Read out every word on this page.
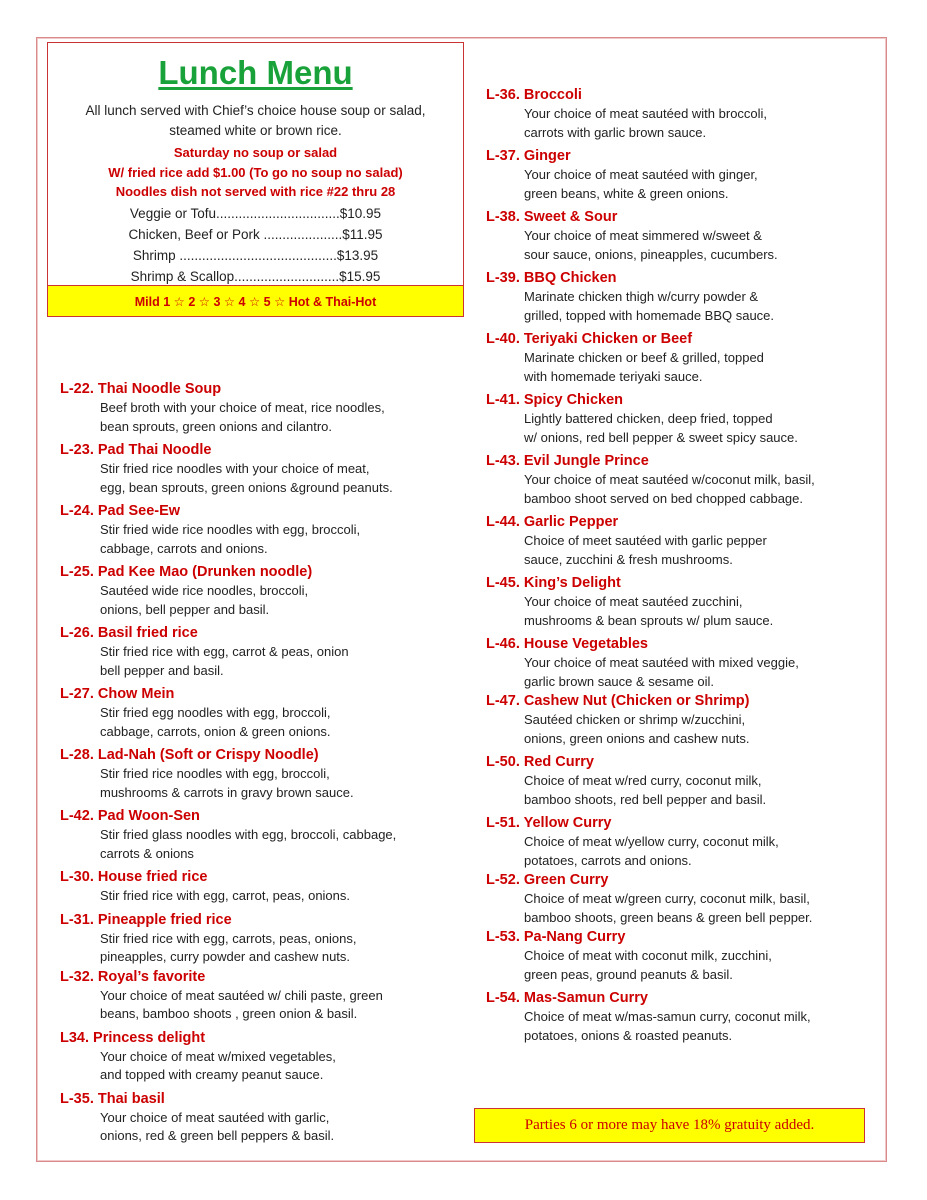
Lunch Menu
All lunch served with Chief’s choice house soup or salad,
steamed white or brown rice.
Saturday no soup or salad
W/ fried rice add $1.00 (To go no soup no salad)
Noodles dish not served with rice #22 thru 28
Veggie or Tofu.................................$10.95
Chicken, Beef or Pork .....................$11.95
Shrimp ..........................................$13.95
Shrimp & Scallop............................$15.95
Mild 1 ☆ 2 ☆ 3 ☆ 4 ☆ 5 ☆ Hot & Thai-Hot
L-22. Thai Noodle Soup
Beef broth with your choice of meat, rice noodles,
bean sprouts, green onions and cilantro.
L-23. Pad Thai Noodle
Stir fried rice noodles with your choice of meat,
egg, bean sprouts, green onions &ground peanuts.
L-24. Pad See-Ew
Stir fried wide rice noodles with egg, broccoli,
cabbage, carrots and onions.
L-25. Pad Kee Mao (Drunken noodle)
Sautéed wide rice noodles, broccoli,
onions, bell pepper and basil.
L-26. Basil fried rice
Stir fried rice with egg, carrot & peas, onion
bell pepper and basil.
L-27. Chow Mein
Stir fried egg noodles with egg, broccoli,
cabbage, carrots, onion & green onions.
L-28. Lad-Nah (Soft or Crispy Noodle)
Stir fried rice noodles with egg, broccoli,
mushrooms & carrots in gravy brown sauce.
L-42. Pad Woon-Sen
Stir fried glass noodles with egg, broccoli, cabbage,
carrots & onions
L-30. House fried rice
Stir fried rice with egg, carrot, peas, onions.
L-31. Pineapple fried rice
Stir fried rice with egg, carrots, peas, onions,
pineapples, curry powder and cashew nuts.
L-32. Royal’s favorite
Your choice of meat sautéed w/ chili paste, green
beans, bamboo shoots , green onion & basil.
L34. Princess delight
Your choice of meat w/mixed vegetables,
and topped with creamy peanut sauce.
L-35. Thai basil
Your choice of meat sautéed with garlic,
onions, red & green bell peppers & basil.
L-36. Broccoli
Your choice of meat sautéed with broccoli,
carrots with garlic brown sauce.
L-37. Ginger
Your choice of meat sautéed with ginger,
green beans, white & green onions.
L-38. Sweet & Sour
Your choice of meat simmered w/sweet &
sour sauce, onions, pineapples, cucumbers.
L-39. BBQ Chicken
Marinate chicken thigh w/curry powder &
grilled, topped with homemade BBQ sauce.
L-40. Teriyaki Chicken or Beef
Marinate chicken or beef & grilled, topped
with homemade teriyaki sauce.
L-41. Spicy Chicken
Lightly battered chicken, deep fried, topped
w/ onions, red bell pepper & sweet spicy sauce.
L-43. Evil Jungle Prince
Your choice of meat sautéed w/coconut milk, basil,
bamboo shoot served on bed chopped cabbage.
L-44. Garlic Pepper
Choice of meet sautéed with garlic pepper
sauce, zucchini & fresh mushrooms.
L-45. King’s Delight
Your choice of meat sautéed zucchini,
mushrooms & bean sprouts w/ plum sauce.
L-46. House Vegetables
Your choice of meat sautéed with mixed veggie,
garlic brown sauce & sesame oil.
L-47. Cashew Nut (Chicken or Shrimp)
Sautéed chicken or shrimp w/zucchini,
onions, green onions and cashew nuts.
L-50. Red Curry
Choice of meat w/red curry, coconut milk,
bamboo shoots, red bell pepper and basil.
L-51. Yellow Curry
Choice of meat w/yellow curry, coconut milk,
potatoes, carrots and onions.
L-52. Green Curry
Choice of meat w/green curry, coconut milk, basil,
bamboo shoots, green beans & green bell pepper.
L-53. Pa-Nang Curry
Choice of meat with coconut milk, zucchini,
green peas, ground peanuts & basil.
L-54. Mas-Samun Curry
Choice of meat w/mas-samun curry, coconut milk,
potatoes, onions & roasted peanuts.
Parties 6 or more may have 18% gratuity added.
